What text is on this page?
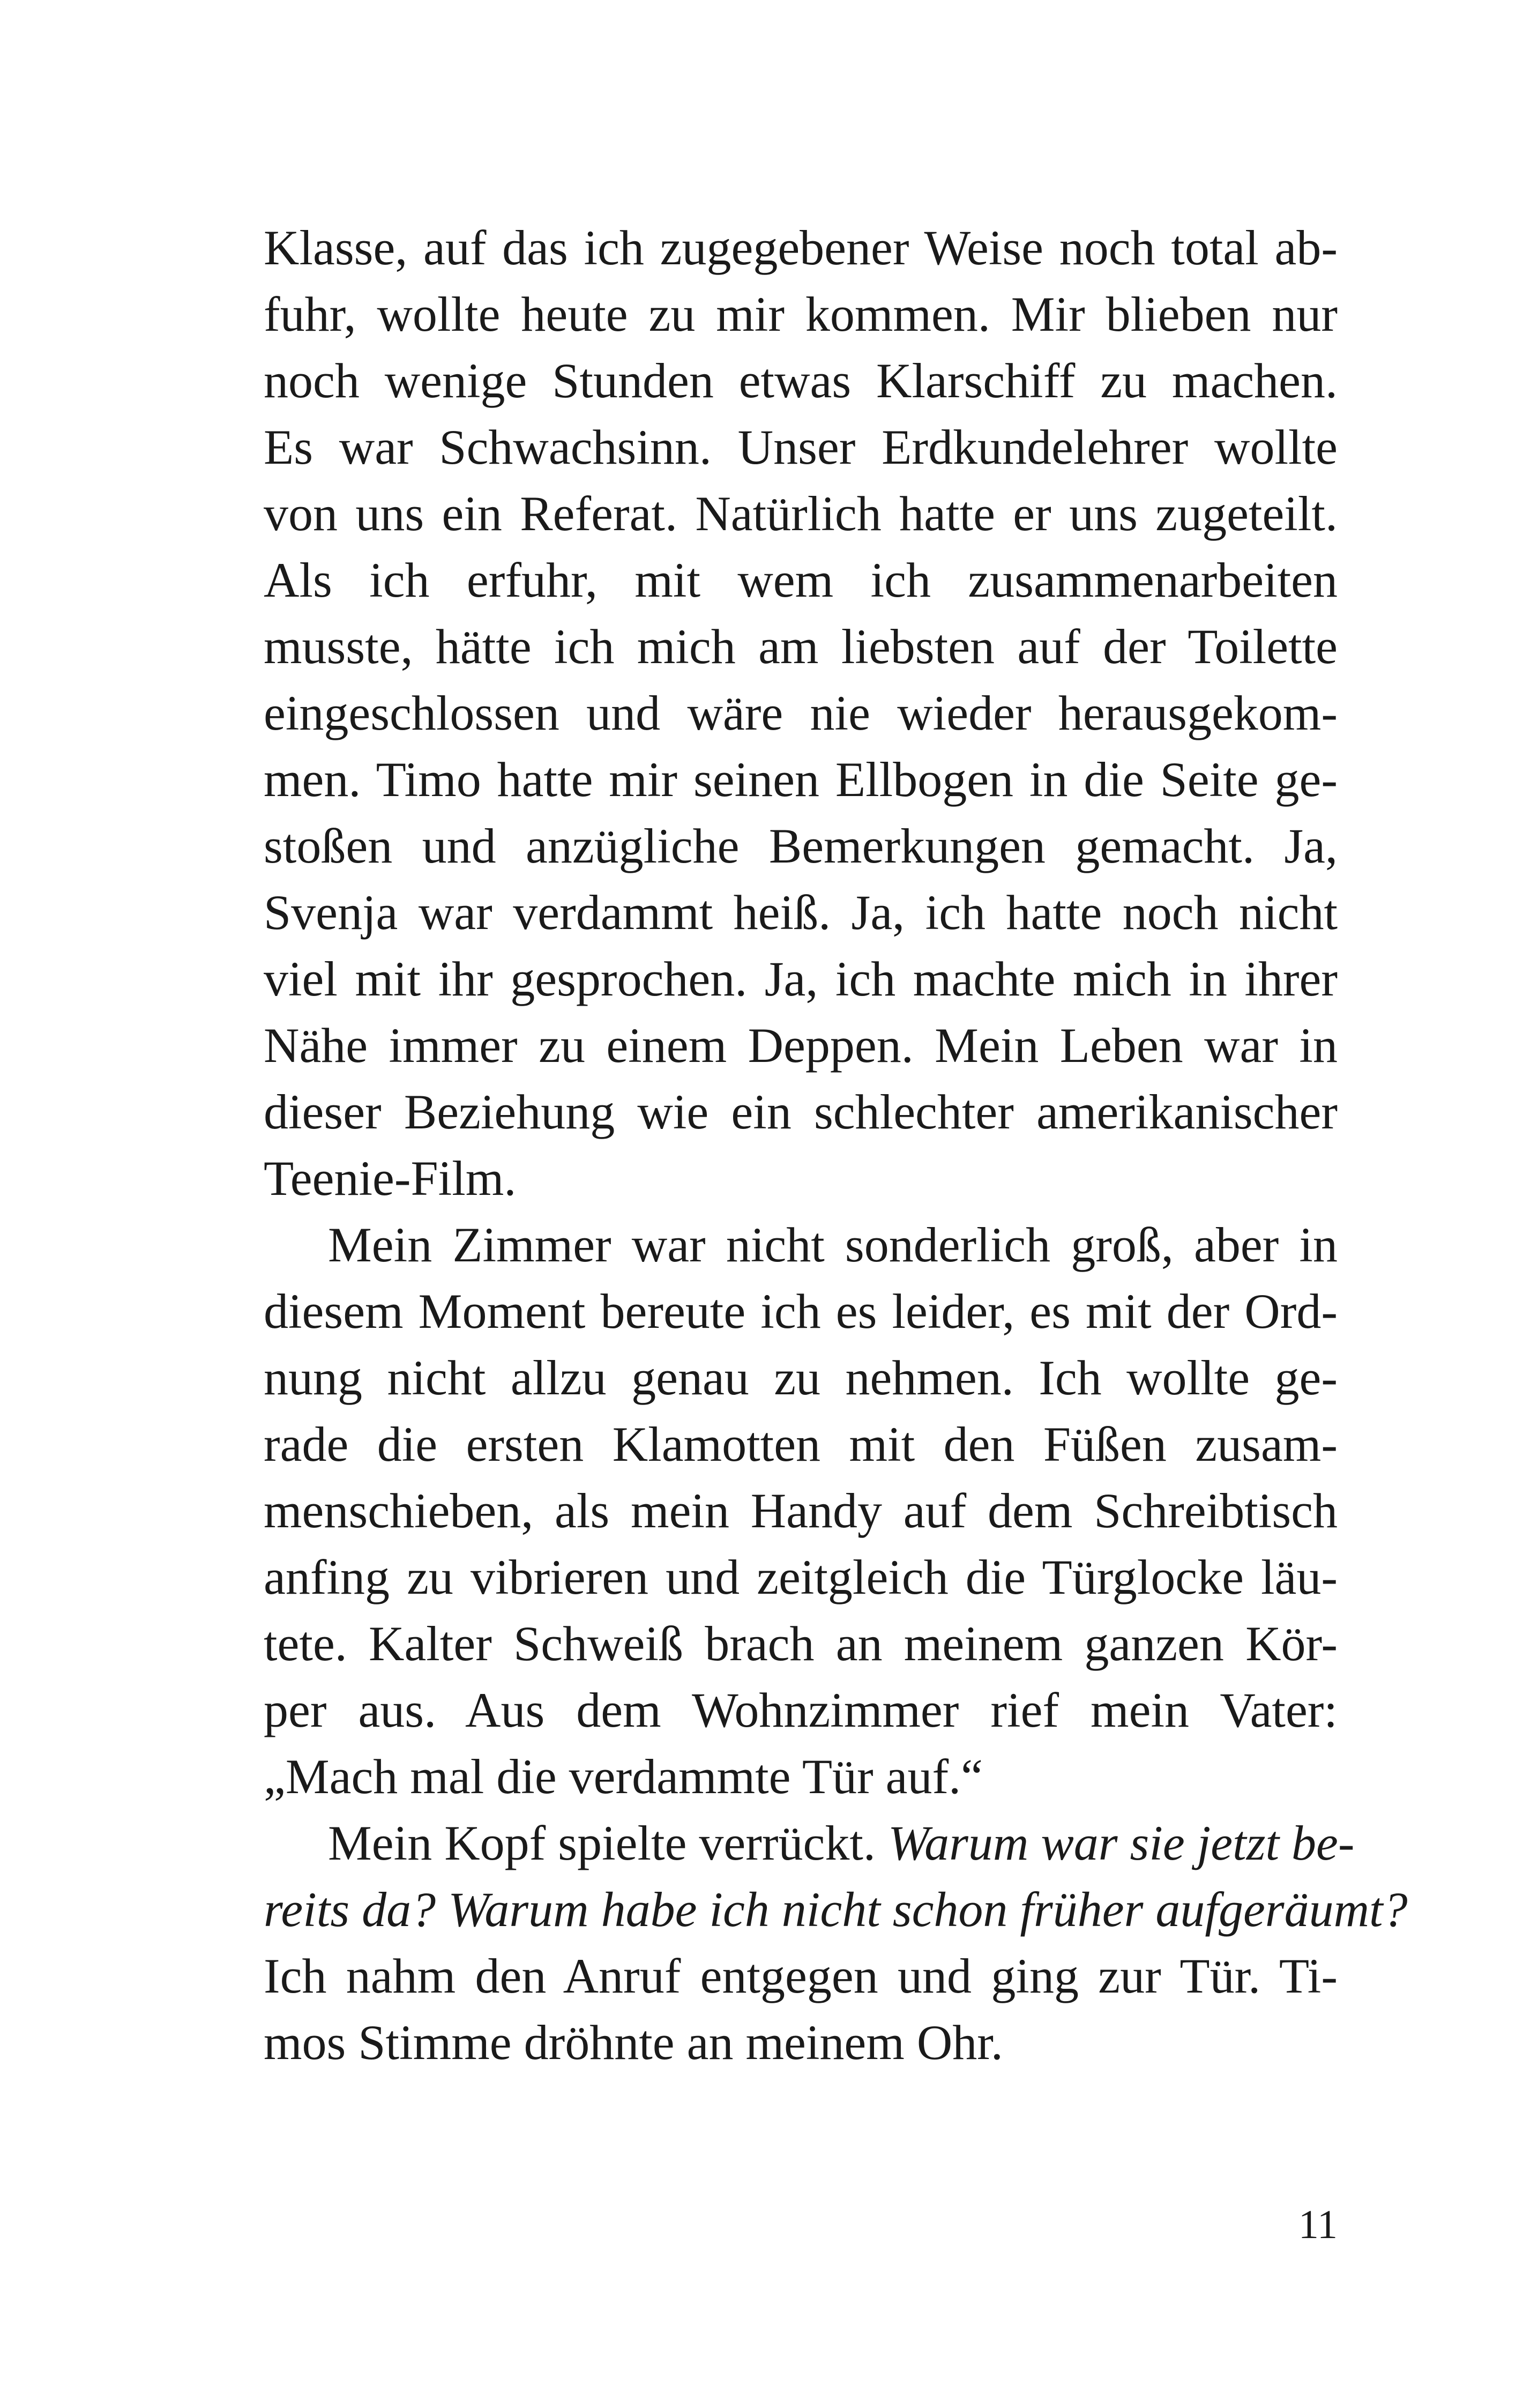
Klasse, auf das ich zugegebener Weise noch total ab-
fuhr, wollte heute zu mir kommen. Mir blieben nur
noch wenige Stunden etwas Klarschiff zu machen.
Es war Schwachsinn. Unser Erdkundelehrer wollte
von uns ein Referat. Natürlich hatte er uns zugeteilt.
Als ich erfuhr, mit wem ich zusammenarbeiten
musste, hätte ich mich am liebsten auf der Toilette
eingeschlossen und wäre nie wieder herausgekom-
men. Timo hatte mir seinen Ellbogen in die Seite ge-
stoßen und anzügliche Bemerkungen gemacht. Ja,
Svenja war verdammt heiß. Ja, ich hatte noch nicht
viel mit ihr gesprochen. Ja, ich machte mich in ihrer
Nähe immer zu einem Deppen. Mein Leben war in
dieser Beziehung wie ein schlechter amerikanischer
Teenie-Film.
Mein Zimmer war nicht sonderlich groß, aber in
diesem Moment bereute ich es leider, es mit der Ord-
nung nicht allzu genau zu nehmen. Ich wollte ge-
rade die ersten Klamotten mit den Füßen zusam-
menschieben, als mein Handy auf dem Schreibtisch
anfing zu vibrieren und zeitgleich die Türglocke läu-
tete. Kalter Schweiß brach an meinem ganzen Kör-
per aus. Aus dem Wohnzimmer rief mein Vater:
„Mach mal die verdammte Tür auf.“
Mein Kopf spielte verrückt. Warum war sie jetzt be-
reits da? Warum habe ich nicht schon früher aufgeräumt?
Ich nahm den Anruf entgegen und ging zur Tür. Ti-
mos Stimme dröhnte an meinem Ohr.
11
